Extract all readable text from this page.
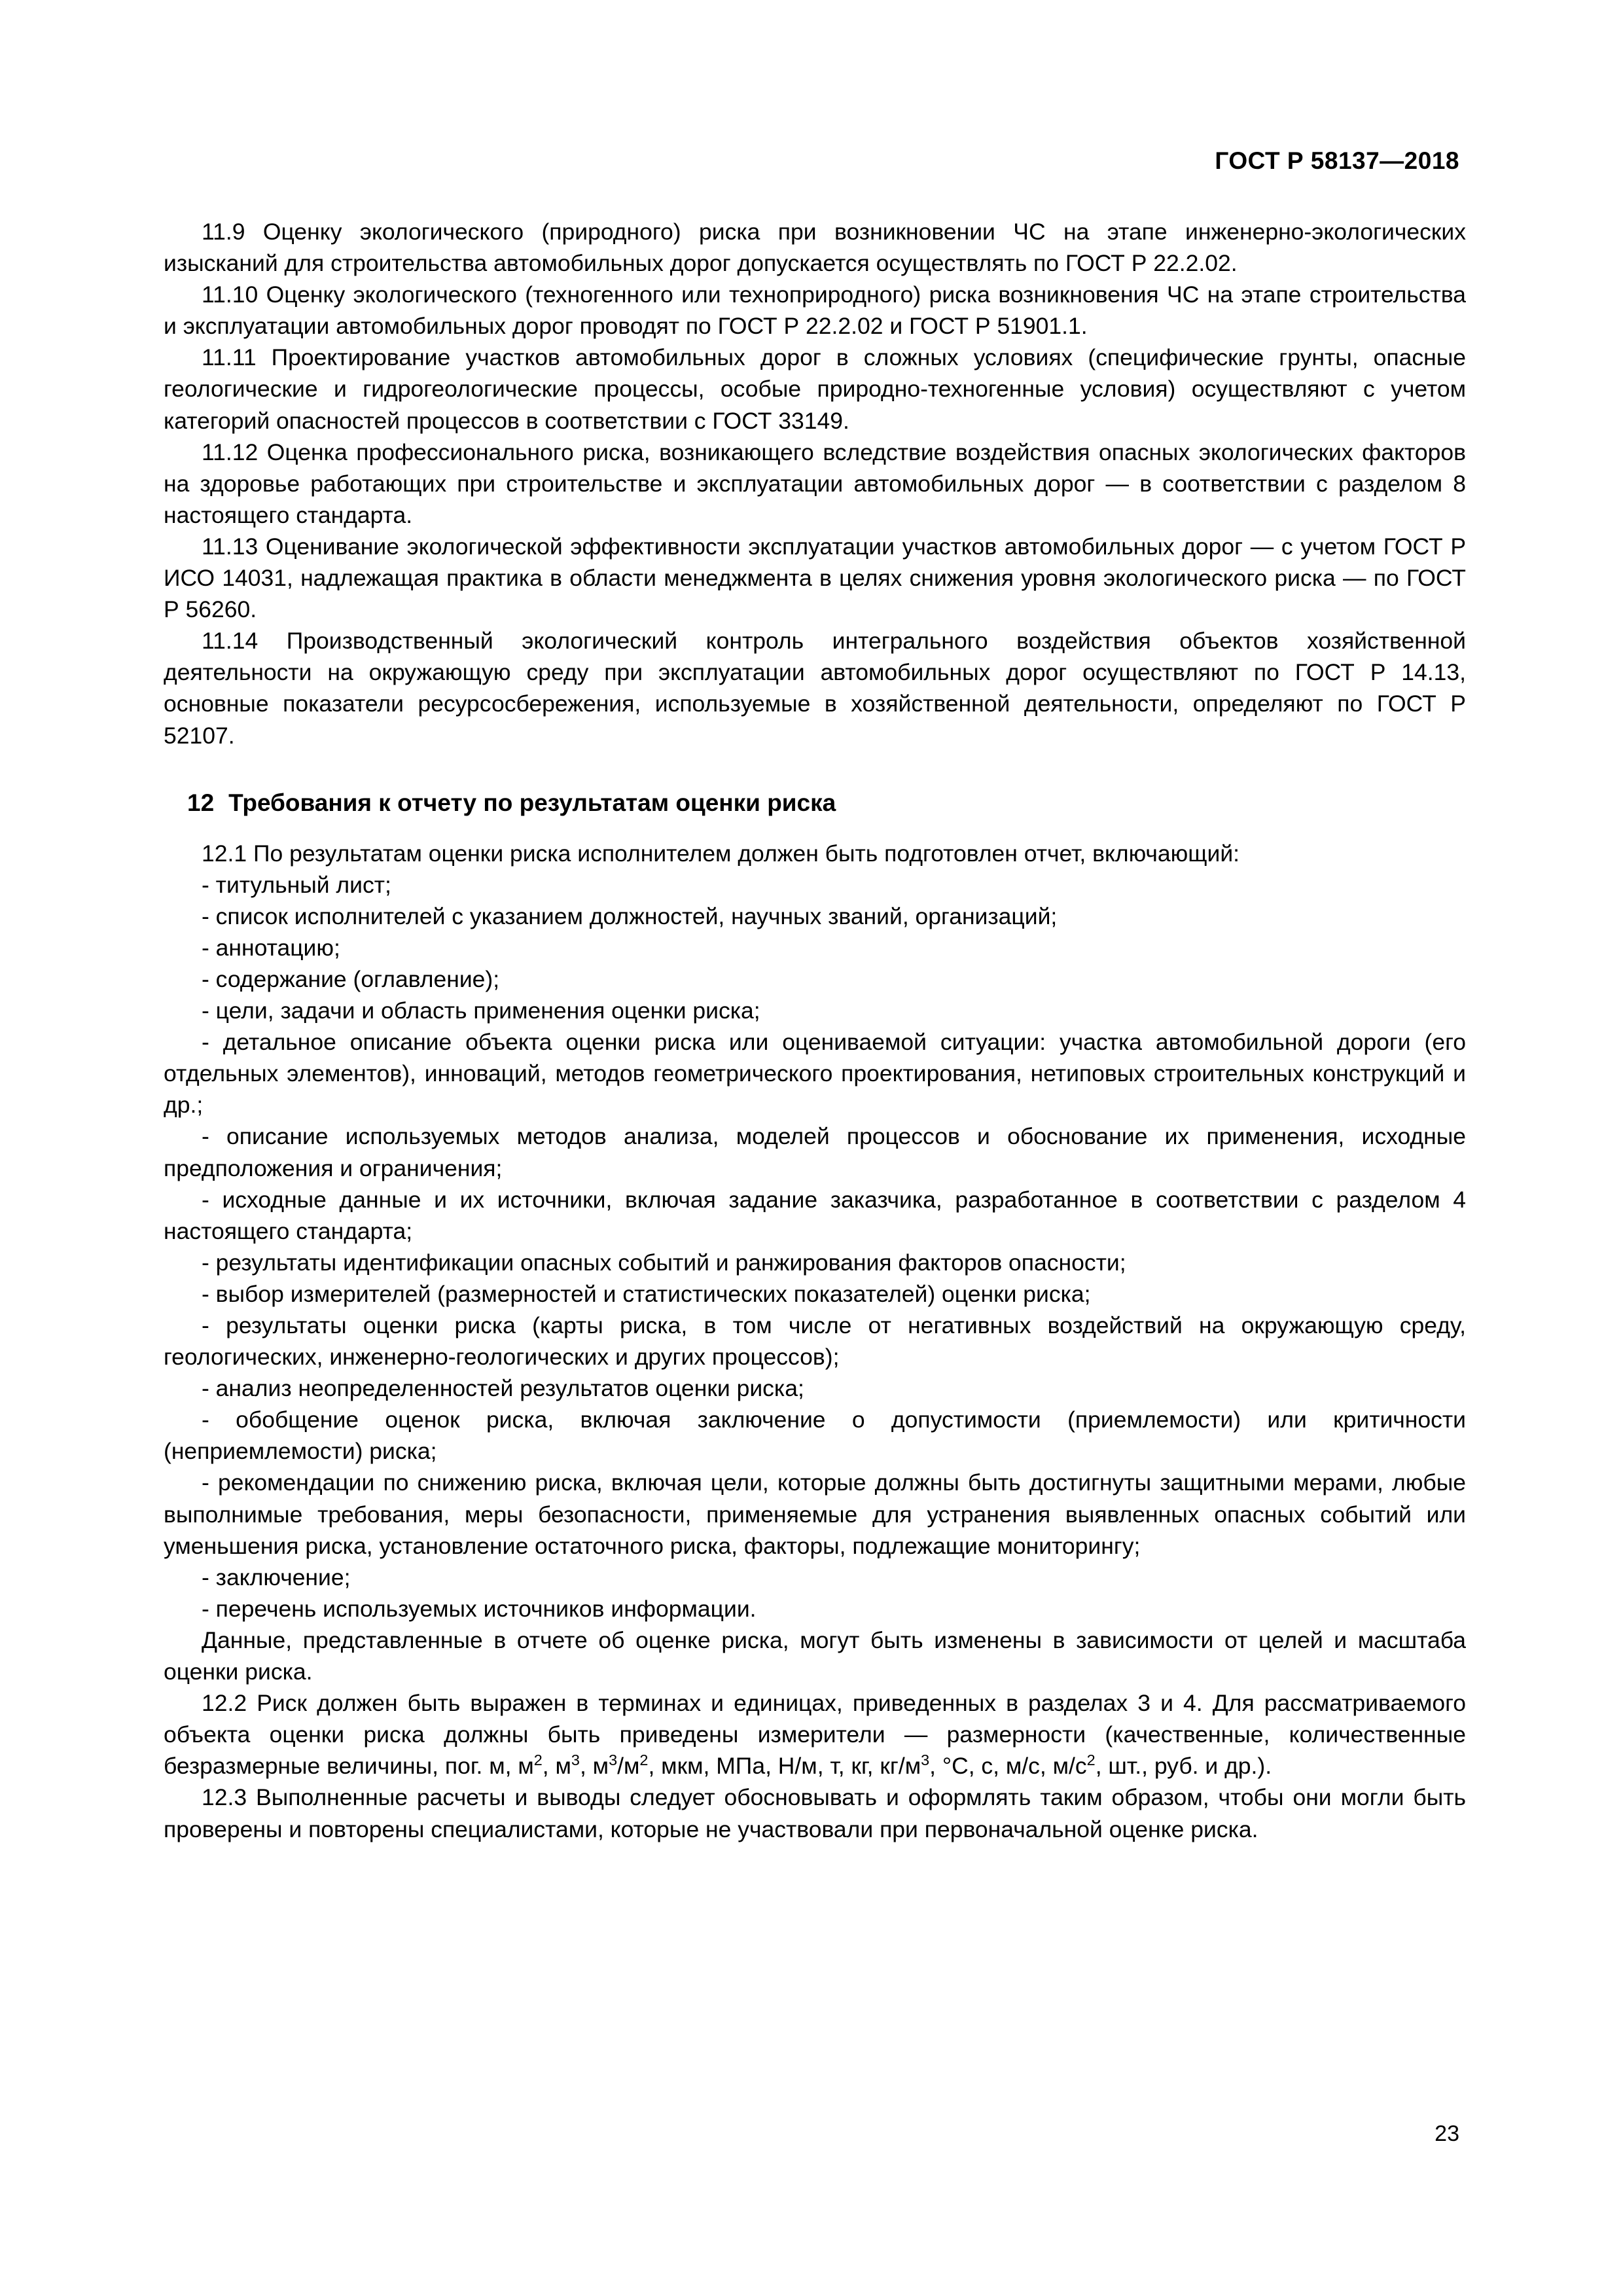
ГОСТ Р 58137—2018

11.9 Оценку экологического (природного) риска при возникновении ЧС на этапе инженерно-экологических изысканий для строительства автомобильных дорог допускается осуществлять по ГОСТ Р 22.2.02.

11.10 Оценку экологического (техногенного или техноприродного) риска возникновения ЧС на этапе строительства и эксплуатации автомобильных дорог проводят по ГОСТ Р 22.2.02 и ГОСТ Р 51901.1.

11.11 Проектирование участков автомобильных дорог в сложных условиях (специфические грунты, опасные геологические и гидрогеологические процессы, особые природно-техногенные условия) осуществляют с учетом категорий опасностей процессов в соответствии с ГОСТ 33149.

11.12 Оценка профессионального риска, возникающего вследствие воздействия опасных экологических факторов на здоровье работающих при строительстве и эксплуатации автомобильных дорог — в соответствии с разделом 8 настоящего стандарта.

11.13 Оценивание экологической эффективности эксплуатации участков автомобильных дорог — с учетом ГОСТ Р ИСО 14031, надлежащая практика в области менеджмента в целях снижения уровня экологического риска — по ГОСТ Р 56260.

11.14 Производственный экологический контроль интегрального воздействия объектов хозяйственной деятельности на окружающую среду при эксплуатации автомобильных дорог осуществляют по ГОСТ Р 14.13, основные показатели ресурсосбережения, используемые в хозяйственной деятельности, определяют по ГОСТ Р 52107.

12 Требования к отчету по результатам оценки риска

12.1 По результатам оценки риска исполнителем должен быть подготовлен отчет, включающий:

- титульный лист;

- список исполнителей с указанием должностей, научных званий, организаций;

- аннотацию;

- содержание (оглавление);

- цели, задачи и область применения оценки риска;

- детальное описание объекта оценки риска или оцениваемой ситуации: участка автомобильной дороги (его отдельных элементов), инноваций, методов геометрического проектирования, нетиповых строительных конструкций и др.;

- описание используемых методов анализа, моделей процессов и обоснование их применения, исходные предположения и ограничения;

- исходные данные и их источники, включая задание заказчика, разработанное в соответствии с разделом 4 настоящего стандарта;

- результаты идентификации опасных событий и ранжирования факторов опасности;

- выбор измерителей (размерностей и статистических показателей) оценки риска;

- результаты оценки риска (карты риска, в том числе от негативных воздействий на окружающую среду, геологических, инженерно-геологических и других процессов);

- анализ неопределенностей результатов оценки риска;

- обобщение оценок риска, включая заключение о допустимости (приемлемости) или критичности (неприемлемости) риска;

- рекомендации по снижению риска, включая цели, которые должны быть достигнуты защитными мерами, любые выполнимые требования, меры безопасности, применяемые для устранения выявленных опасных событий или уменьшения риска, установление остаточного риска, факторы, подлежащие мониторингу;

- заключение;

- перечень используемых источников информации.

Данные, представленные в отчете об оценке риска, могут быть изменены в зависимости от целей и масштаба оценки риска.

12.2 Риск должен быть выражен в терминах и единицах, приведенных в разделах 3 и 4. Для рассматриваемого объекта оценки риска должны быть приведены измерители — размерности (качественные, количественные безразмерные величины, пог. м, $м^2$, $м^3$, $м^3/м^2$, мкм, МПа, Н/м, т, кг, $кг/м^3$, °С, с, м/с, $м/с^2$, шт., руб. и др.).

12.3 Выполненные расчеты и выводы следует обосновывать и оформлять таким образом, чтобы они могли быть проверены и повторены специалистами, которые не участвовали при первоначальной оценке риска.

23
